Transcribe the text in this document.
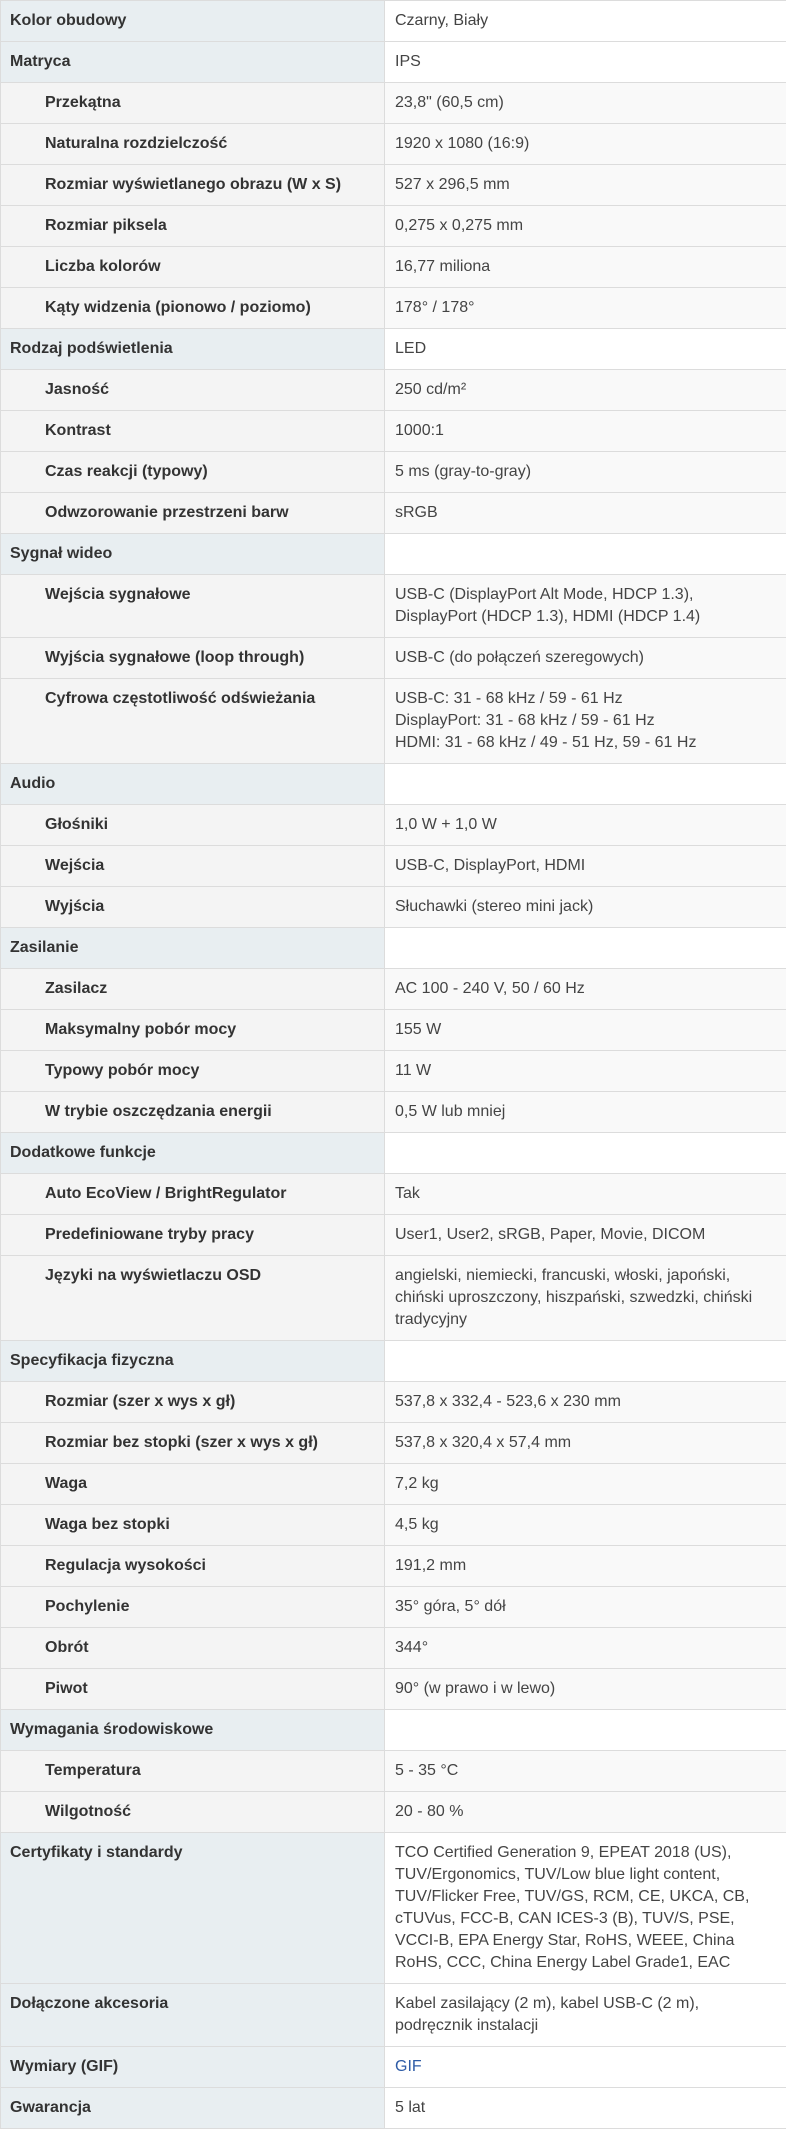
Kolor obudowy	Czarny, Biały
Matryca	IPS
Przekątna	23,8" (60,5 cm)
Naturalna rozdzielczość	1920 x 1080 (16:9)
Rozmiar wyświetlanego obrazu (W x S)	527 x 296,5 mm
Rozmiar piksela	0,275 x 0,275 mm
Liczba kolorów	16,77 miliona
Kąty widzenia (pionowo / poziomo)	178° / 178°
Rodzaj podświetlenia	LED
Jasność	250 cd/m²
Kontrast	1000:1
Czas reakcji (typowy)	5 ms (gray-to-gray)
Odwzorowanie przestrzeni barw	sRGB
Sygnał wideo	
Wejścia sygnałowe	USB-C (DisplayPort Alt Mode, HDCP 1.3), DisplayPort (HDCP 1.3), HDMI (HDCP 1.4)
Wyjścia sygnałowe (loop through)	USB-C (do połączeń szeregowych)
Cyfrowa częstotliwość odświeżania	USB-C: 31 - 68 kHz / 59 - 61 Hz
DisplayPort: 31 - 68 kHz / 59 - 61 Hz
HDMI: 31 - 68 kHz / 49 - 51 Hz, 59 - 61 Hz

Audio	
Głośniki	1,0 W + 1,0 W
Wejścia	USB-C, DisplayPort, HDMI
Wyjścia	Słuchawki (stereo mini jack)
Zasilanie	
Zasilacz	AC 100 - 240 V, 50 / 60 Hz
Maksymalny pobór mocy	155 W
Typowy pobór mocy	11 W
W trybie oszczędzania energii	0,5 W lub mniej
Dodatkowe funkcje	
Auto EcoView / BrightRegulator	Tak
Predefiniowane tryby pracy	User1, User2, sRGB, Paper, Movie, DICOM
Języki na wyświetlaczu OSD	angielski, niemiecki, francuski, włoski, japoński, chiński uproszczony, hiszpański, szwedzki, chiński tradycyjny
Specyfikacja fizyczna	
Rozmiar (szer x wys x gł)	537,8 x 332,4 - 523,6 x 230 mm
Rozmiar bez stopki (szer x wys x gł)	537,8 x 320,4 x 57,4 mm
Waga	7,2 kg
Waga bez stopki	4,5 kg
Regulacja wysokości	191,2 mm
Pochylenie	35° góra, 5° dół
Obrót	344°
Piwot	90° (w prawo i w lewo)
Wymagania środowiskowe	
Temperatura	5 - 35 °C
Wilgotność	20 - 80 %
Certyfikaty i standardy	TCO Certified Generation 9, EPEAT 2018 (US), TUV/Ergonomics, TUV/Low blue light content, TUV/Flicker Free, TUV/GS, RCM, CE, UKCA, CB, cTUVus, FCC-B, CAN ICES-3 (B), TUV/S, PSE, VCCI-B, EPA Energy Star, RoHS, WEEE, China RoHS, CCC, China Energy Label Grade1, EAC
Dołączone akcesoria	Kabel zasilający (2 m), kabel USB-C (2 m), podręcznik instalacji
Wymiary (GIF)	GIF
Gwarancja	5 lat
